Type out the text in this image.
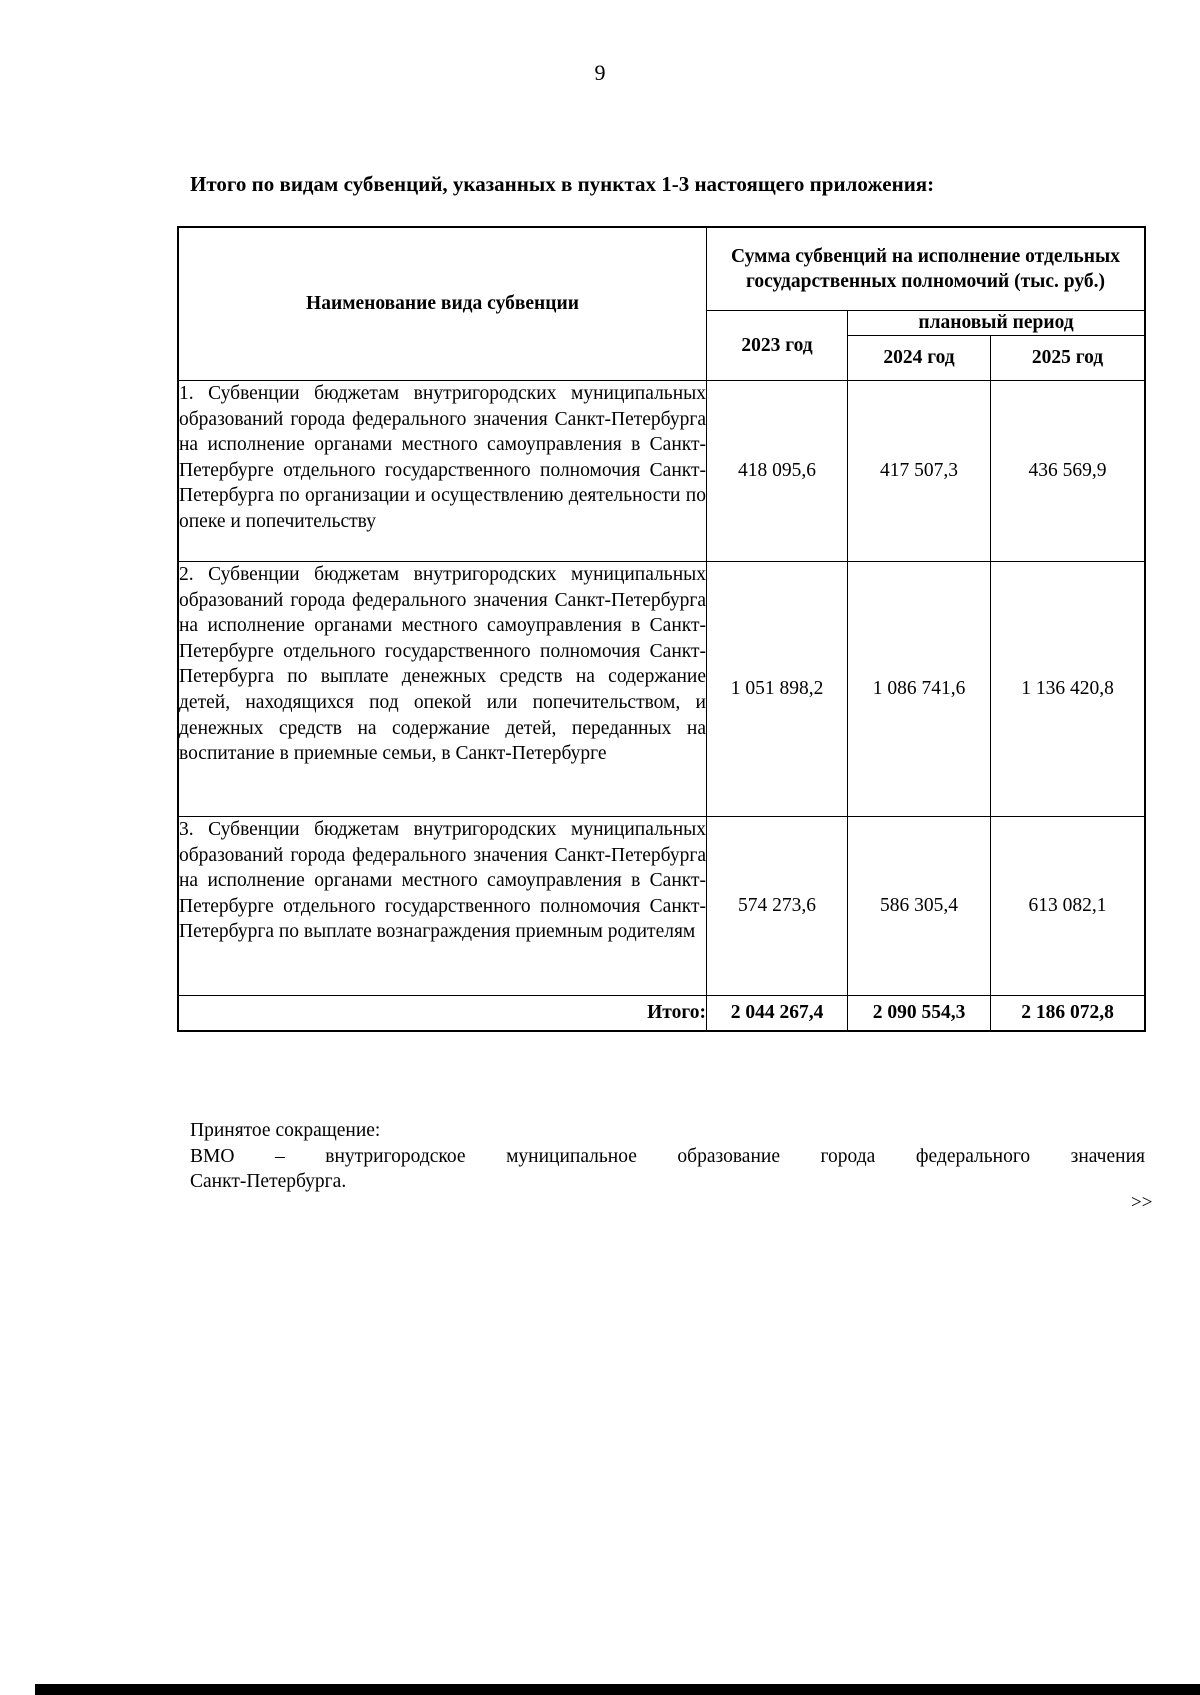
9
Итого по видам субвенций, указанных в пунктах 1-3 настоящего приложения:
Наименование вида субвенции	Сумма субвенций на исполнение отдельных государственных полномочий (тыс. руб.)		
	2023 год	плановый период	
		2024 год	2025 год
1. Субвенции бюджетам внутригородских муниципальных образований города федерального значения Санкт-Петербурга на исполнение органами местного самоуправления в Санкт-Петербурге отдельного государственного полномочия Санкт-Петербурга по организации и осуществлению деятельности по опеке и попечительству	418 095,6	417 507,3	436 569,9
2. Субвенции бюджетам внутригородских муниципальных образований города федерального значения Санкт-Петербурга на исполнение органами местного самоуправления в Санкт-Петербурге отдельного государственного полномочия Санкт-Петербурга по выплате денежных средств на содержание детей, находящихся под опекой или попечительством, и денежных средств на содержание детей, переданных на воспитание в приемные семьи, в Санкт-Петербурге	1 051 898,2	1 086 741,6	1 136 420,8
3. Субвенции бюджетам внутригородских муниципальных образований города федерального значения Санкт-Петербурга на исполнение органами местного самоуправления в Санкт-Петербурге отдельного государственного полномочия Санкт-Петербурга по выплате вознаграждения приемным родителям	574 273,6	586 305,4	613 082,1
Итого:	2 044 267,4	2 090 554,3	2 186 072,8
Принятое сокращение:
ВМО – внутригородское муниципальное образование города федерального значения
Санкт-Петербурга.
>>
